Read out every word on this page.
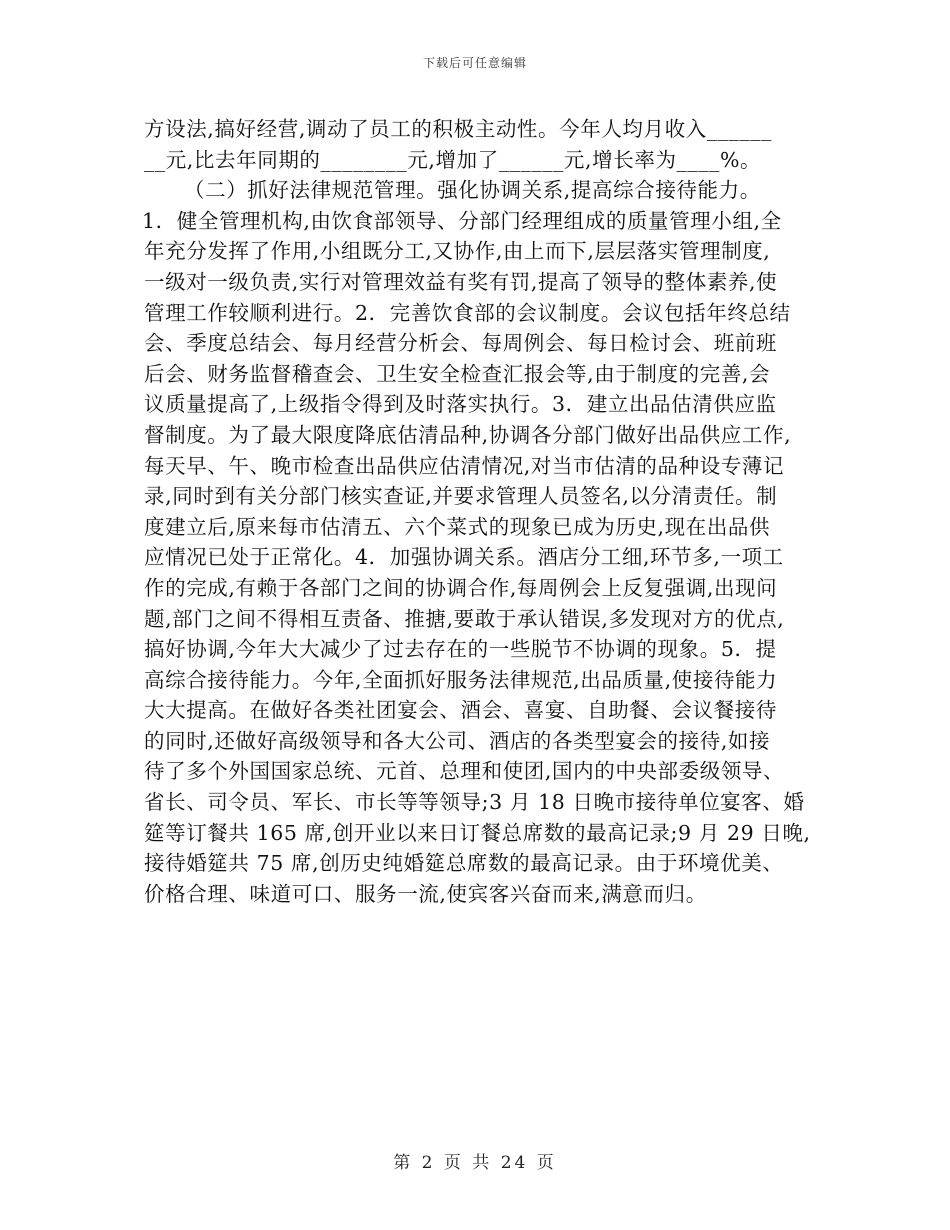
下载后可任意编辑
方设法,搞好经营,调动了员工的积极主动性。今年人均月收入______
__元,比去年同期的________元,增加了______元,增长率为____%。
（二）抓好法律规范管理。强化协调关系,提高综合接待能力。
1．健全管理机构,由饮食部领导、分部门经理组成的质量管理小组,全
年充分发挥了作用,小组既分工,又协作,由上而下,层层落实管理制度,
一级对一级负责,实行对管理效益有奖有罚,提高了领导的整体素养,使
管理工作较顺利进行。2．完善饮食部的会议制度。会议包括年终总结
会、季度总结会、每月经营分析会、每周例会、每日检讨会、班前班
后会、财务监督稽查会、卫生安全检查汇报会等,由于制度的完善,会
议质量提高了,上级指令得到及时落实执行。3．建立出品估清供应监
督制度。为了最大限度降底估清品种,协调各分部门做好出品供应工作,
每天早、午、晚市检查出品供应估清情况,对当市估清的品种设专薄记
录,同时到有关分部门核实查证,并要求管理人员签名,以分清责任。制
度建立后,原来每市估清五、六个菜式的现象已成为历史,现在出品供
应情况已处于正常化。4．加强协调关系。酒店分工细,环节多,一项工
作的完成,有赖于各部门之间的协调合作,每周例会上反复强调,出现问
题,部门之间不得相互责备、推搪,要敢于承认错误,多发现对方的优点,
搞好协调,今年大大减少了过去存在的一些脱节不协调的现象。5．提
高综合接待能力。今年,全面抓好服务法律规范,出品质量,使接待能力
大大提高。在做好各类社团宴会、酒会、喜宴、自助餐、会议餐接待
的同时,还做好高级领导和各大公司、酒店的各类型宴会的接待,如接
待了多个外国国家总统、元首、总理和使团,国内的中央部委级领导、
省长、司令员、军长、市长等等领导;3 月 18 日晚市接待单位宴客、婚
筵等订餐共 165 席,创开业以来日订餐总席数的最高记录;9 月 29 日晚,
接待婚筵共 75 席,创历史纯婚筵总席数的最高记录。由于环境优美、
价格合理、味道可口、服务一流,使宾客兴奋而来,满意而归。
第 2 页 共 24 页
